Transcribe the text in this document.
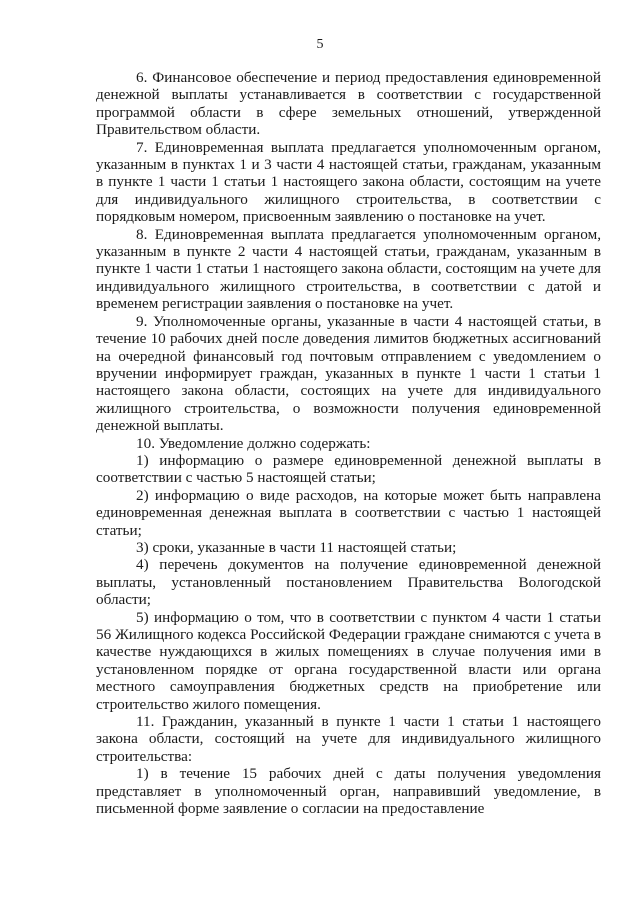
5

6. Финансовое обеспечение и период предоставления единовременной денежной выплаты устанавливается в соответствии с государственной программой области в сфере земельных отношений, утвержденной Правительством области.

7. Единовременная выплата предлагается уполномоченным органом, указанным в пунктах 1 и 3 части 4 настоящей статьи, гражданам, указанным в пункте 1 части 1 статьи 1 настоящего закона области, состоящим на учете для индивидуального жилищного строительства, в соответствии с порядковым номером, присвоенным заявлению о постановке на учет.

8. Единовременная выплата предлагается уполномоченным органом, указанным в пункте 2 части 4 настоящей статьи, гражданам, указанным в пункте 1 части 1 статьи 1 настоящего закона области, состоящим на учете для индивидуального жилищного строительства, в соответствии с датой и временем регистрации заявления о постановке на учет.

9. Уполномоченные органы, указанные в части 4 настоящей статьи, в течение 10 рабочих дней после доведения лимитов бюджетных ассигнований на очередной финансовый год почтовым отправлением с уведомлением о вручении информирует граждан, указанных в пункте 1 части 1 статьи 1 настоящего закона области, состоящих на учете для индивидуального жилищного строительства, о возможности получения единовременной денежной выплаты.

10. Уведомление должно содержать:

1) информацию о размере единовременной денежной выплаты в соответствии с частью 5 настоящей статьи;

2) информацию о виде расходов, на которые может быть направлена единовременная денежная выплата в соответствии с частью 1 настоящей статьи;

3) сроки, указанные в части 11 настоящей статьи;

4) перечень документов на получение единовременной денежной выплаты, установленный постановлением Правительства Вологодской области;

5) информацию о том, что в соответствии с пунктом 4 части 1 статьи 56 Жилищного кодекса Российской Федерации граждане снимаются с учета в качестве нуждающихся в жилых помещениях в случае получения ими в установленном порядке от органа государственной власти или органа местного самоуправления бюджетных средств на приобретение или строительство жилого помещения.

11. Гражданин, указанный в пункте 1 части 1 статьи 1 настоящего закона области, состоящий на учете для индивидуального жилищного строительства:

1) в течение 15 рабочих дней с даты получения уведомления представляет в уполномоченный орган, направивший уведомление, в письменной форме заявление о согласии на предоставление
